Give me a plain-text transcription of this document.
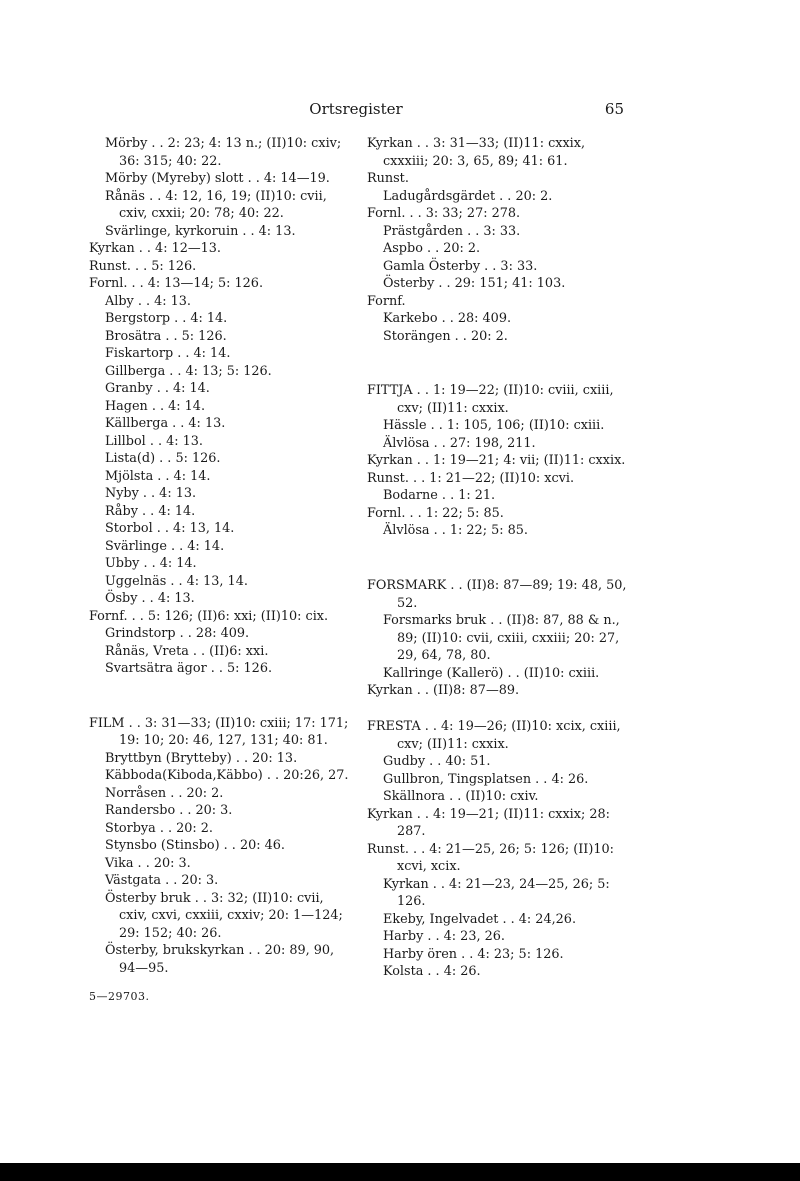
Ortsregister	65
Mörby . . 2: 23; 4: 13 n.; (II)10: cxiv;
36: 315; 40: 22.
Mörby (Myreby) slott . . 4: 14—19.
Rånäs . . 4: 12, 16, 19; (II)10: cvii,
cxiv, cxxii; 20: 78; 40: 22.
Svärlinge, kyrkoruin . . 4: 13.
Kyrkan . . 4: 12—13.
Runst. . . 5: 126.
Fornl. . . 4: 13—14; 5: 126.
Alby . . 4: 13.
Bergstorp . . 4: 14.
Brosätra . . 5: 126.
Fiskartorp . . 4: 14.
Gillberga . . 4: 13; 5: 126.
Granby . . 4: 14.
Hagen . . 4: 14.
Källberga . . 4: 13.
Lillbol . . 4: 13.
Lista(d) . . 5: 126.
Mjölsta . . 4: 14.
Nyby . . 4: 13.
Råby . . 4: 14.
Storbol . . 4: 13, 14.
Svärlinge . . 4: 14.
Ubby . . 4: 14.
Uggelnäs . . 4: 13, 14.
Ösby . . 4: 13.
Fornf. . . 5: 126; (II)6: xxi; (II)10: cix.
Grindstorp . . 28: 409.
Rånäs, Vreta . . (II)6: xxi.
Svartsätra ägor . . 5: 126.
FILM . . 3: 31—33; (II)10: cxiii; 17: 171;
19: 10; 20: 46, 127, 131; 40: 81.
Bryttbyn (Brytteby) . . 20: 13.
Käbboda(Kiboda,Käbbo) . . 20:26, 27.
Norråsen . . 20: 2.
Randersbo . . 20: 3.
Storbya . . 20: 2.
Stynsbo (Stinsbo) . . 20: 46.
Vika . . 20: 3.
Västgata . . 20: 3.
Österby bruk . . 3: 32; (II)10: cvii,
cxiv, cxvi, cxxiii, cxxiv; 20: 1—124;
29: 152; 40: 26.
Österby, brukskyrkan . . 20: 89, 90,
94—95.
Kyrkan . . 3: 31—33; (II)11: cxxix,
cxxxiii; 20: 3, 65, 89; 41: 61.
Runst.
Ladugårdsgärdet . . 20: 2.
Fornl. . . 3: 33; 27: 278.
Prästgården . . 3: 33.
Aspbo . . 20: 2.
Gamla Österby . . 3: 33.
Österby . . 29: 151; 41: 103.
Fornf.
Karkebo . . 28: 409.
Storängen . . 20: 2.
FITTJA . . 1: 19—22; (II)10: cviii, cxiii,
cxv; (II)11: cxxix.
Hässle . . 1: 105, 106; (II)10: cxiii.
Älvlösa . . 27: 198, 211.
Kyrkan . . 1: 19—21; 4: vii; (II)11: cxxix.
Runst. . . 1: 21—22; (II)10: xcvi.
Bodarne . . 1: 21.
Fornl. . . 1: 22; 5: 85.
Älvlösa . . 1: 22; 5: 85.
FORSMARK . . (II)8: 87—89; 19: 48, 50,
52.
Forsmarks bruk . . (II)8: 87, 88 & n.,
89; (II)10: cvii, cxiii, cxxiii; 20: 27,
29, 64, 78, 80.
Kallringe (Kallerö) . . (II)10: cxiii.
Kyrkan . . (II)8: 87—89.
FRESTA . . 4: 19—26; (II)10: xcix, cxiii,
cxv; (II)11: cxxix.
Gudby . . 40: 51.
Gullbron, Tingsplatsen . . 4: 26.
Skällnora . . (II)10: cxiv.
Kyrkan . . 4: 19—21; (II)11: cxxix; 28:
287.
Runst. . . 4: 21—25, 26; 5: 126; (II)10:
xcvi, xcix.
Kyrkan . . 4: 21—23, 24—25, 26; 5:
126.
Ekeby, Ingelvadet . . 4: 24,26.
Harby . . 4: 23, 26.
Harby ören . . 4: 23; 5: 126.
Kolsta . . 4: 26.
5—29703.
